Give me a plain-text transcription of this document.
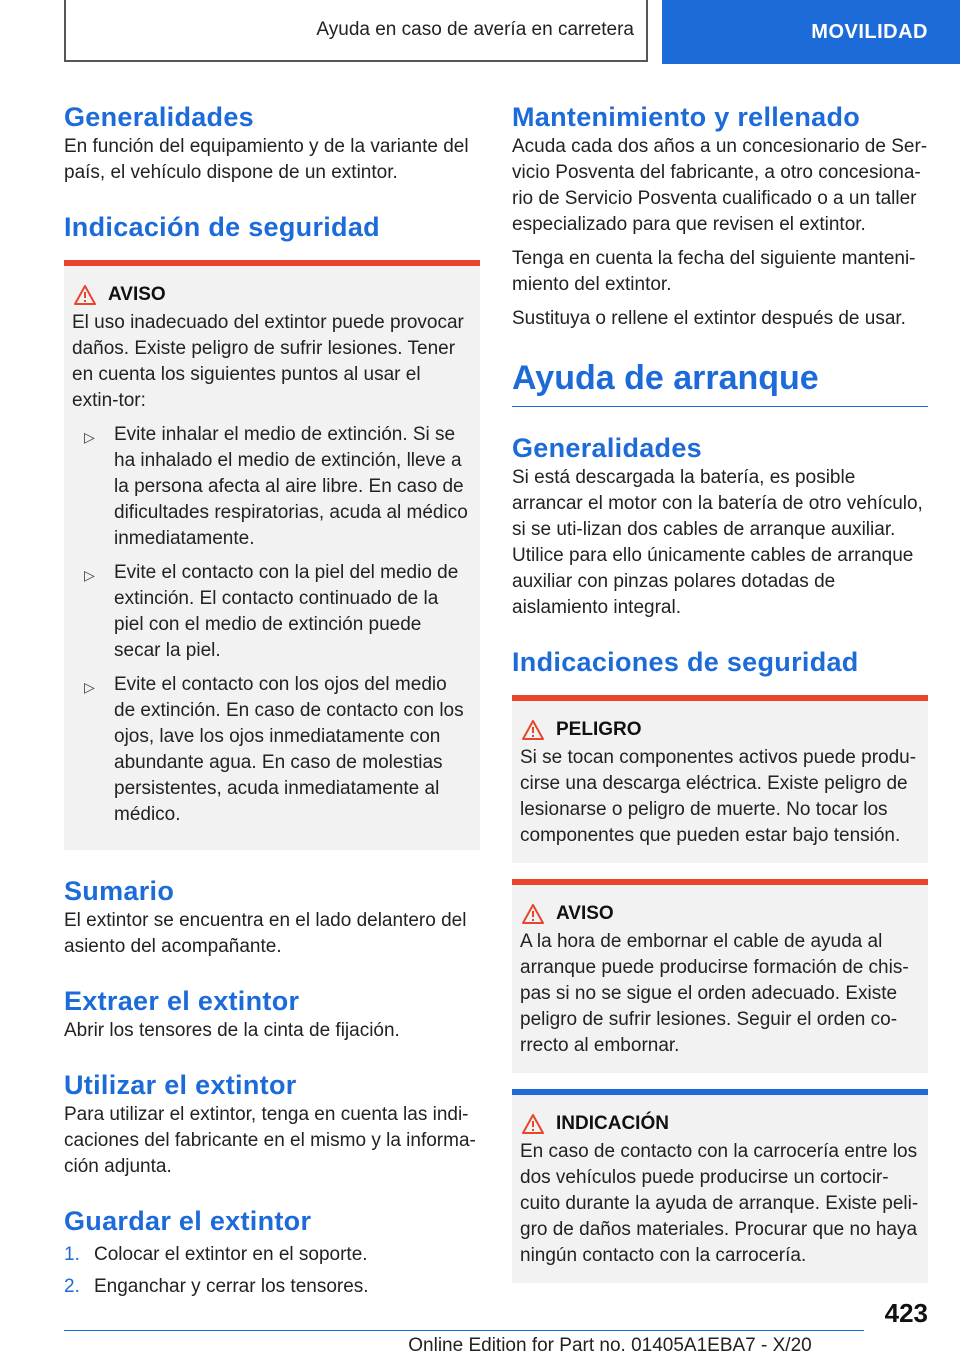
Ayuda en caso de avería en carretera	MOVILIDAD
Generalidades

En función del equipamiento y de la variante del país, el vehículo dispone de un extintor.

Indicación de seguridad
AVISO

El uso inadecuado del extintor puede provocar daños. Existe peligro de sufrir lesiones. Tener en cuenta los siguientes puntos al usar el extin‐tor:

▷ Evite inhalar el medio de extinción. Si se ha inhalado el medio de extinción, lleve a la persona afecta al aire libre. En caso de dificultades respiratorias, acuda al médico inmediatamente.
▷ Evite el contacto con la piel del medio de extinción. El contacto continuado de la piel con el medio de extinción puede secar la piel.
▷ Evite el contacto con los ojos del medio de extinción. En caso de contacto con los ojos, lave los ojos inmediatamente con abundante agua. En caso de molestias persistentes, acuda inmediatamente al médico.
Sumario

El extintor se encuentra en el lado delantero del asiento del acompañante.

Extraer el extintor

Abrir los tensores de la cinta de fijación.

Utilizar el extintor

Para utilizar el extintor, tenga en cuenta las indi‐caciones del fabricante en el mismo y la informa‐ción adjunta.

Guardar el extintor
1. Colocar el extintor en el soporte.
2. Enganchar y cerrar los tensores.
Mantenimiento y rellenado

Acuda cada dos años a un concesionario de Ser‐vicio Posventa del fabricante, a otro concesiona‐rio de Servicio Posventa cualificado o a un taller especializado para que revisen el extintor.

Tenga en cuenta la fecha del siguiente manteni‐miento del extintor.

Sustituya o rellene el extintor después de usar.

Ayuda de arranque
Generalidades

Si está descargada la batería, es posible arrancar el motor con la batería de otro vehículo, si se uti‐lizan dos cables de arranque auxiliar. Utilice para ello únicamente cables de arranque auxiliar con pinzas polares dotadas de aislamiento integral.

Indicaciones de seguridad
PELIGRO

Si se tocan componentes activos puede produ‐cirse una descarga eléctrica. Existe peligro de lesionarse o peligro de muerte. No tocar los componentes que pueden estar bajo tensión.

AVISO

A la hora de embornar el cable de ayuda al arranque puede producirse formación de chis‐pas si no se sigue el orden adecuado. Existe peligro de sufrir lesiones. Seguir el orden co‐rrecto al embornar.

INDICACIÓN

En caso de contacto con la carrocería entre los dos vehículos puede producirse un cortocir‐cuito durante la ayuda de arranque. Existe peli‐gro de daños materiales. Procurar que no haya ningún contacto con la carrocería.

423
Online Edition for Part no. 01405A1EBA7 - X/20
